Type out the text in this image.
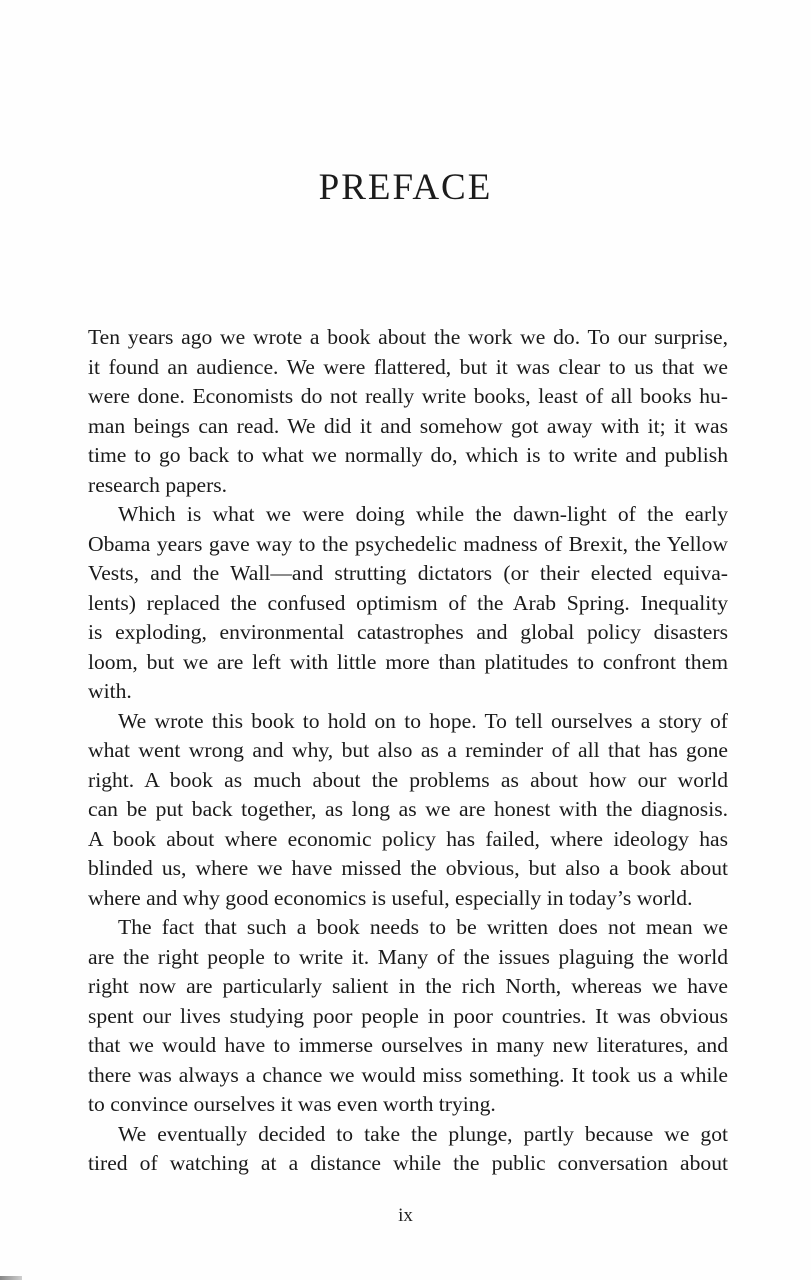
PREFACE

Ten years ago we wrote a book about the work we do. To our surprise,
it found an audience. We were flattered, but it was clear to us that we
were done. Economists do not really write books, least of all books hu-
man beings can read. We did it and somehow got away with it; it was
time to go back to what we normally do, which is to write and publish
research papers.

Which is what we were doing while the dawn-light of the early
Obama years gave way to the psychedelic madness of Brexit, the Yellow
Vests, and the Wall—and strutting dictators (or their elected equiva-
lents) replaced the confused optimism of the Arab Spring. Inequality
is exploding, environmental catastrophes and global policy disasters
loom, but we are left with little more than platitudes to confront them
with.

We wrote this book to hold on to hope. To tell ourselves a story of
what went wrong and why, but also as a reminder of all that has gone
right. A book as much about the problems as about how our world
can be put back together, as long as we are honest with the diagnosis.
A book about where economic policy has failed, where ideology has
blinded us, where we have missed the obvious, but also a book about
where and why good economics is useful, especially in today’s world.

The fact that such a book needs to be written does not mean we
are the right people to write it. Many of the issues plaguing the world
right now are particularly salient in the rich North, whereas we have
spent our lives studying poor people in poor countries. It was obvious
that we would have to immerse ourselves in many new literatures, and
there was always a chance we would miss something. It took us a while
to convince ourselves it was even worth trying.

We eventually decided to take the plunge, partly because we got
tired of watching at a distance while the public conversation about

ix
